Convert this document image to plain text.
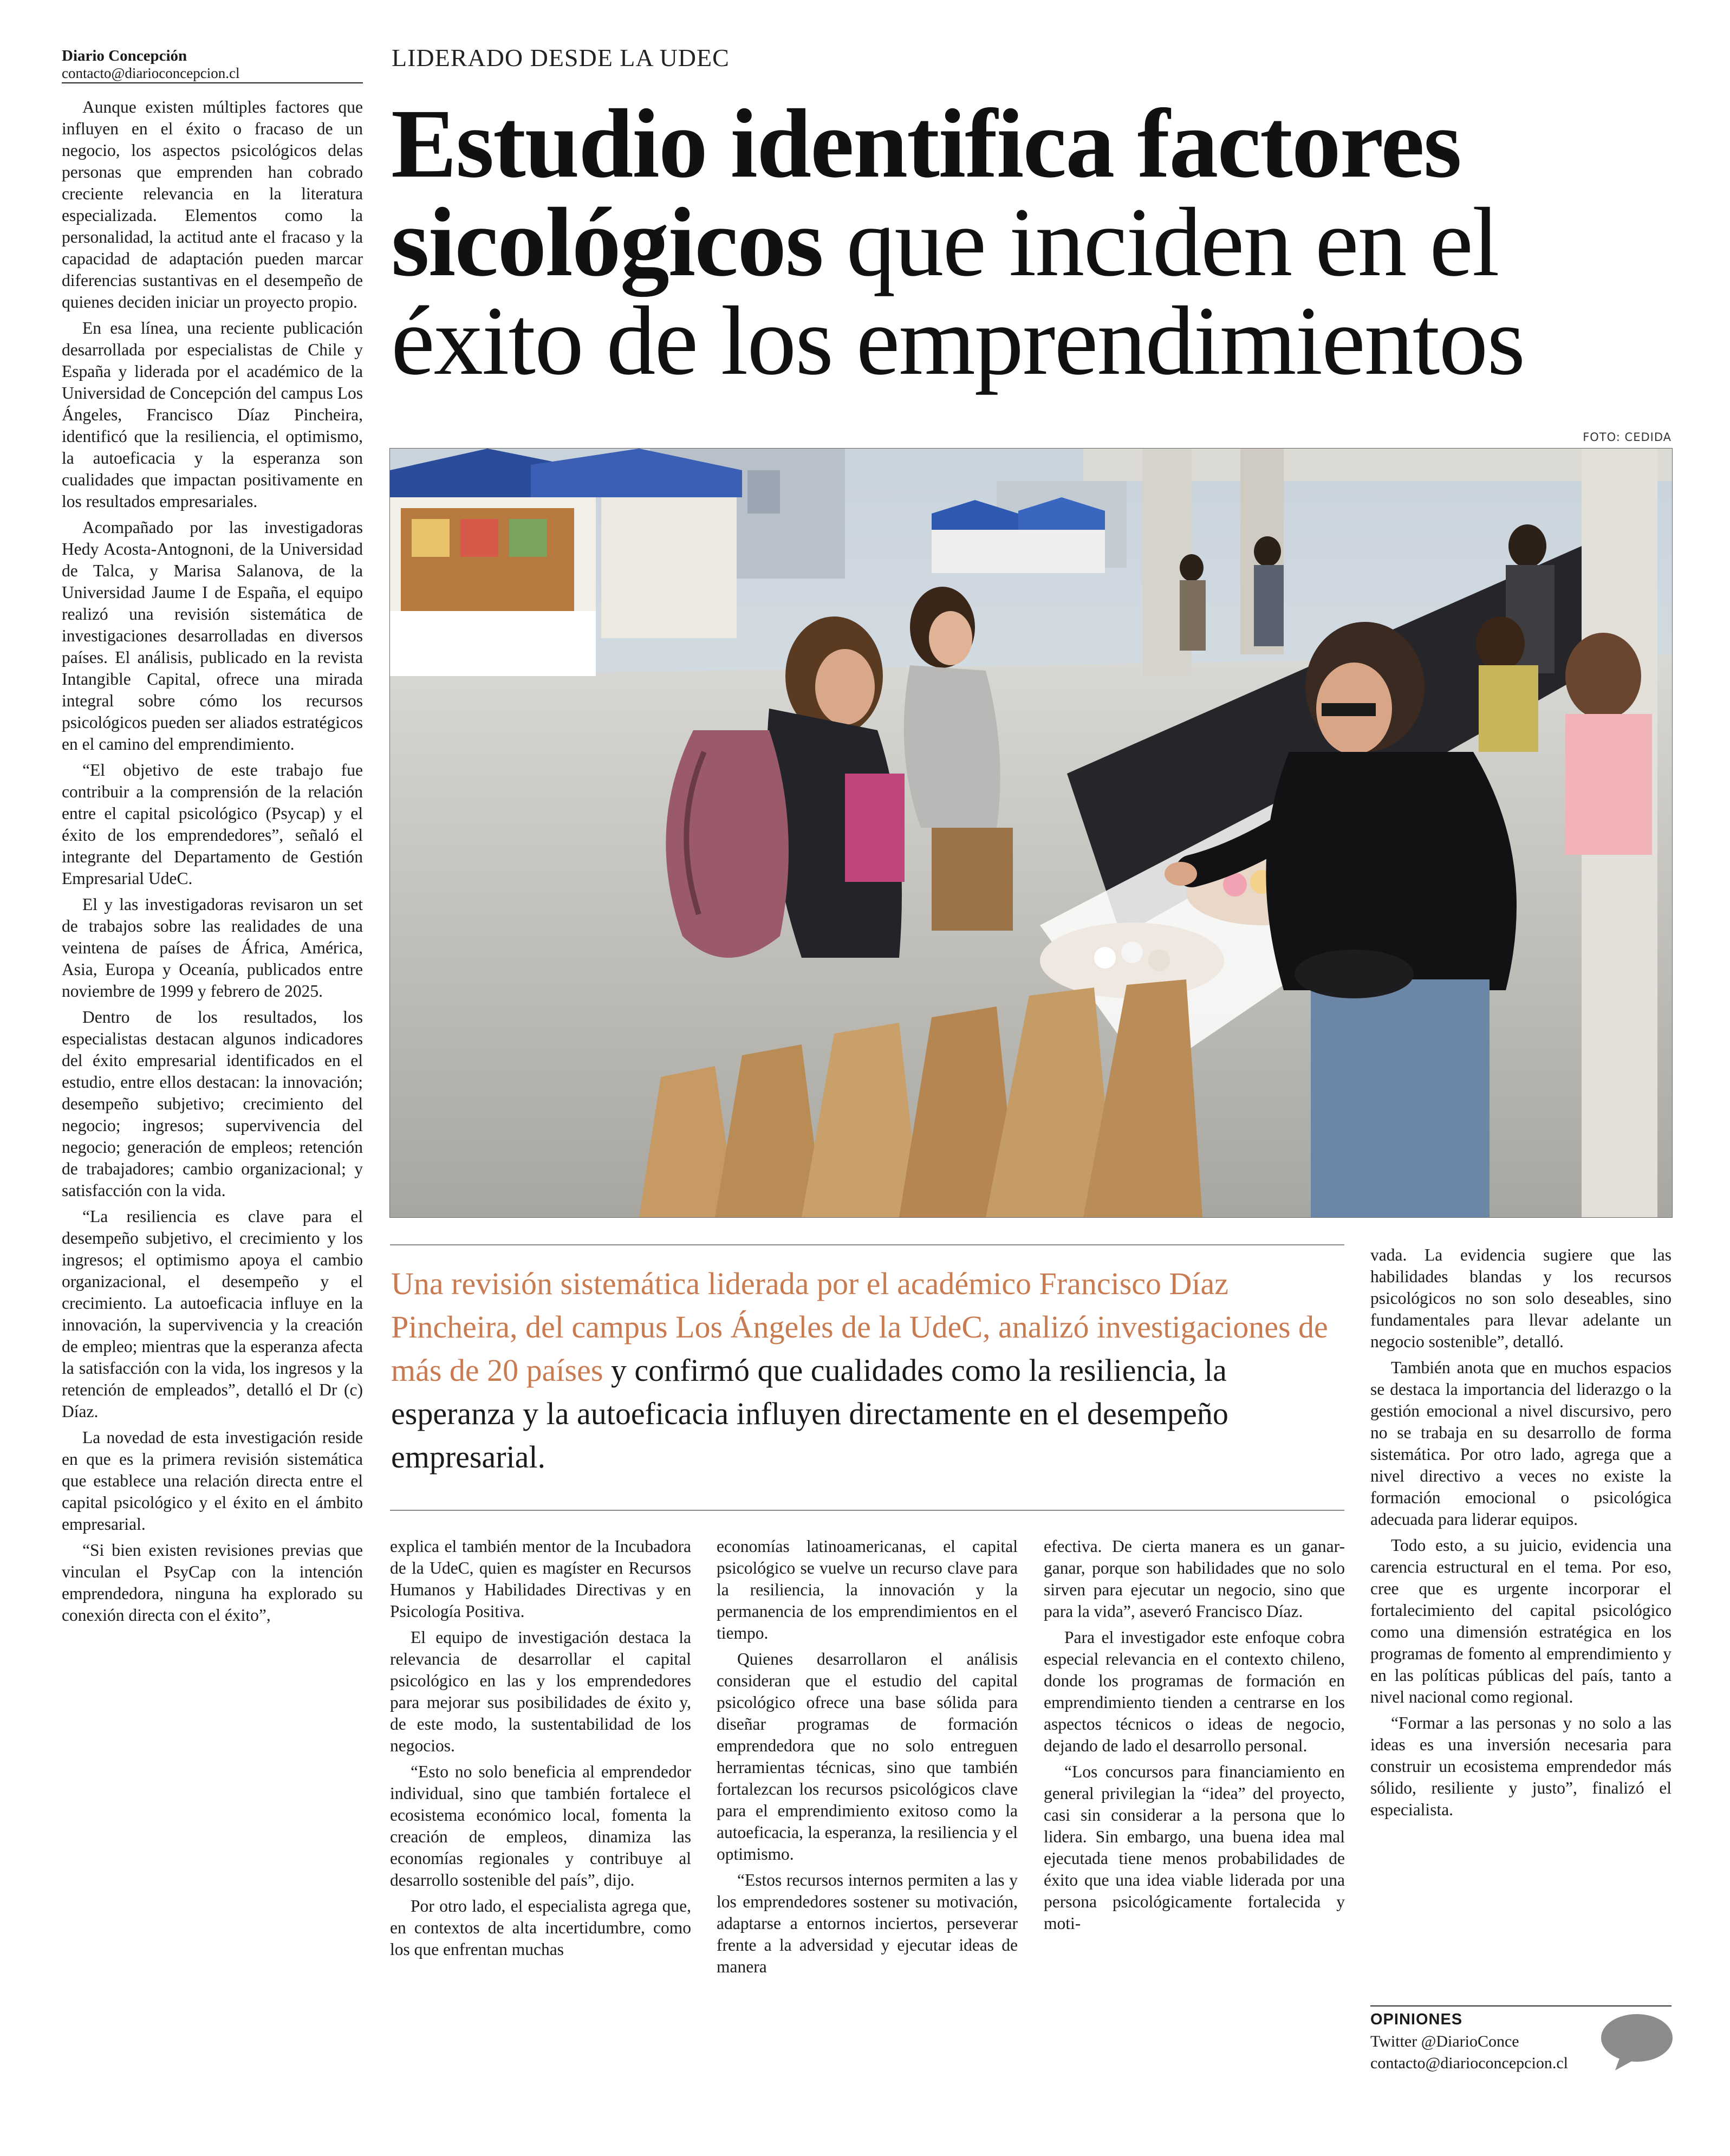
Diario Concepción
contacto@diarioconcepcion.cl
LIDERADO DESDE LA UDEC
Estudio identifica factores
sicológicos que inciden en el
éxito de los emprendimientos
FOTO: CEDIDA
Una revisión sistemática liderada por el académico Francisco Díaz Pincheira, del campus Los Ángeles de la UdeC, analizó investigaciones de más de 20 países y confirmó que cualidades como la resiliencia, la esperanza y la autoeficacia influyen directamente en el desempeño empresarial.

Aunque existen múltiples factores que influyen en el éxito o fracaso de un negocio, los aspectos psicológicos delas personas que emprenden han cobrado creciente relevancia en la literatura especializada. Elementos como la personalidad, la actitud ante el fracaso y la capacidad de adaptación pueden marcar diferencias sustantivas en el desempeño de quienes deciden iniciar un proyecto propio.

En esa línea, una reciente publicación desarrollada por especialistas de Chile y España y liderada por el académico de la Universidad de Concepción del campus Los Ángeles, Francisco Díaz Pincheira, identificó que la resiliencia, el optimismo, la autoeficacia y la esperanza son cualidades que impactan positivamente en los resultados empresariales.

Acompañado por las investigadoras Hedy Acosta-Antognoni, de la Universidad de Talca, y Marisa Salanova, de la Universidad Jaume I de España, el equipo realizó una revisión sistemática de investigaciones desarrolladas en diversos países. El análisis, publicado en la revista Intangible Capital, ofrece una mirada integral sobre cómo los recursos psicológicos pueden ser aliados estratégicos en el camino del emprendimiento.

“El objetivo de este trabajo fue contribuir a la comprensión de la relación entre el capital psicológico (Psycap) y el éxito de los emprendedores”, señaló el integrante del Departamento de Gestión Empresarial UdeC.

El y las investigadoras revisaron un set de trabajos sobre las realidades de una veintena de países de África, América, Asia, Europa y Oceanía, publicados entre noviembre de 1999 y febrero de 2025.

Dentro de los resultados, los especialistas destacan algunos indicadores del éxito empresarial identificados en el estudio, entre ellos destacan: la innovación; desempeño subjetivo; crecimiento del negocio; ingresos; supervivencia del negocio; generación de empleos; retención de trabajadores; cambio organizacional; y satisfacción con la vida.

“La resiliencia es clave para el desempeño subjetivo, el crecimiento y los ingresos; el optimismo apoya el cambio organizacional, el desempeño y el crecimiento. La autoeficacia influye en la innovación, la supervivencia y la creación de empleo; mientras que la esperanza afecta la satisfacción con la vida, los ingresos y la retención de empleados”, detalló el Dr (c) Díaz.

La novedad de esta investigación reside en que es la primera revisión sistemática que establece una relación directa entre el capital psicológico y el éxito en el ámbito empresarial.

“Si bien existen revisiones previas que vinculan el PsyCap con la intención emprendedora, ninguna ha explorado su conexión directa con el éxito”,

explica el también mentor de la Incubadora de la UdeC, quien es magíster en Recursos Humanos y Habilidades Directivas y en Psicología Positiva.

El equipo de investigación destaca la relevancia de desarrollar el capital psicológico en las y los emprendedores para mejorar sus posibilidades de éxito y, de este modo, la sustentabilidad de los negocios.

“Esto no solo beneficia al emprendedor individual, sino que también fortalece el ecosistema económico local, fomenta la creación de empleos, dinamiza las economías regionales y contribuye al desarrollo sostenible del país”, dijo.

Por otro lado, el especialista agrega que, en contextos de alta incertidumbre, como los que enfrentan muchas

economías latinoamericanas, el capital psicológico se vuelve un recurso clave para la resiliencia, la innovación y la permanencia de los emprendimientos en el tiempo.

Quienes desarrollaron el análisis consideran que el estudio del capital psicológico ofrece una base sólida para diseñar programas de formación emprendedora que no solo entreguen herramientas técnicas, sino que también fortalezcan los recursos psicológicos clave para el emprendimiento exitoso como la autoeficacia, la esperanza, la resiliencia y el optimismo.

“Estos recursos internos permiten a las y los emprendedores sostener su motivación, adaptarse a entornos inciertos, perseverar frente a la adversidad y ejecutar ideas de manera

efectiva. De cierta manera es un ganar-ganar, porque son habilidades que no solo sirven para ejecutar un negocio, sino que para la vida”, aseveró Francisco Díaz.

Para el investigador este enfoque cobra especial relevancia en el contexto chileno, donde los programas de formación en emprendimiento tienden a centrarse en los aspectos técnicos o ideas de negocio, dejando de lado el desarrollo personal.

“Los concursos para financiamiento en general privilegian la “idea” del proyecto, casi sin considerar a la persona que lo lidera. Sin embargo, una buena idea mal ejecutada tiene menos probabilidades de éxito que una idea viable liderada por una persona psicológicamente fortalecida y moti-

vada. La evidencia sugiere que las habilidades blandas y los recursos psicológicos no son solo deseables, sino fundamentales para llevar adelante un negocio sostenible”, detalló.

También anota que en muchos espacios se destaca la importancia del liderazgo o la gestión emocional a nivel discursivo, pero no se trabaja en su desarrollo de forma sistemática. Por otro lado, agrega que a nivel directivo a veces no existe la formación emocional o psicológica adecuada para liderar equipos.

Todo esto, a su juicio, evidencia una carencia estructural en el tema. Por eso, cree que es urgente incorporar el fortalecimiento del capital psicológico como una dimensión estratégica en los programas de fomento al emprendimiento y en las políticas públicas del país, tanto a nivel nacional como regional.

“Formar a las personas y no solo a las ideas es una inversión necesaria para construir un ecosistema emprendedor más sólido, resiliente y justo”, finalizó el especialista.

OPINIONES
Twitter @DiarioConce
contacto@diarioconcepcion.cl
